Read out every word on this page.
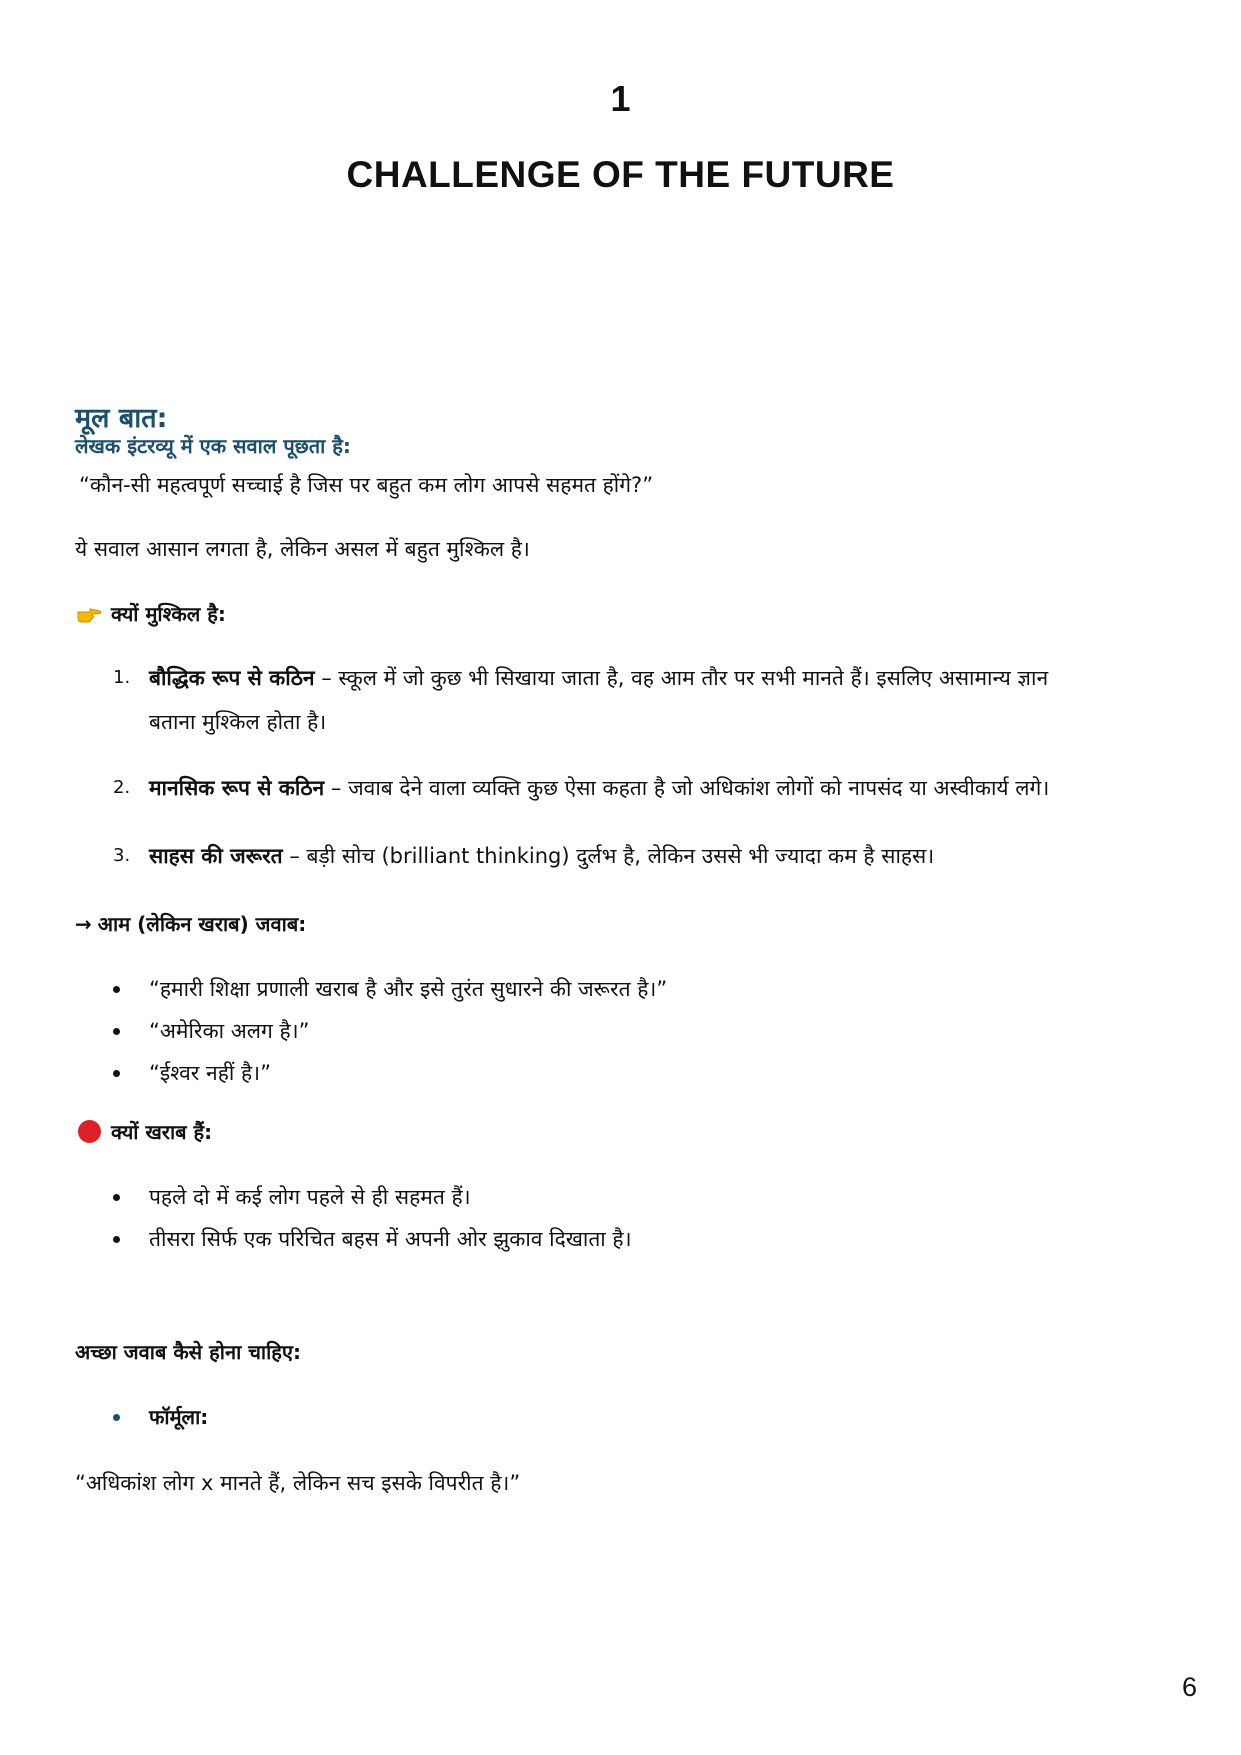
1
CHALLENGE OF THE FUTURE
मूल बात:
लेखक इंटरव्यू में एक सवाल पूछता है:
“कौन-सी महत्वपूर्ण सच्चाई है जिस पर बहुत कम लोग आपसे सहमत होंगे?”
ये सवाल आसान लगता है, लेकिन असल में बहुत मुश्किल है।
क्यों मुश्किल है:
1. बौद्धिक रूप से कठिन – स्कूल में जो कुछ भी सिखाया जाता है, वह आम तौर पर सभी मानते हैं। इसलिए असामान्य ज्ञान
बताना मुश्किल होता है।
2. मानसिक रूप से कठिन – जवाब देने वाला व्यक्ति कुछ ऐसा कहता है जो अधिकांश लोगों को नापसंद या अस्वीकार्य लगे।
3. साहस की जरूरत – बड़ी सोच (brilliant thinking) दुर्लभ है, लेकिन उससे भी ज्यादा कम है साहस।
→ आम (लेकिन खराब) जवाब:
“हमारी शिक्षा प्रणाली खराब है और इसे तुरंत सुधारने की जरूरत है।”
“अमेरिका अलग है।”
“ईश्वर नहीं है।”
क्यों खराब हैं:
पहले दो में कई लोग पहले से ही सहमत हैं।
तीसरा सिर्फ एक परिचित बहस में अपनी ओर झुकाव दिखाता है।
अच्छा जवाब कैसे होना चाहिए:
फॉर्मूला:
“अधिकांश लोग x मानते हैं, लेकिन सच इसके विपरीत है।”
6
